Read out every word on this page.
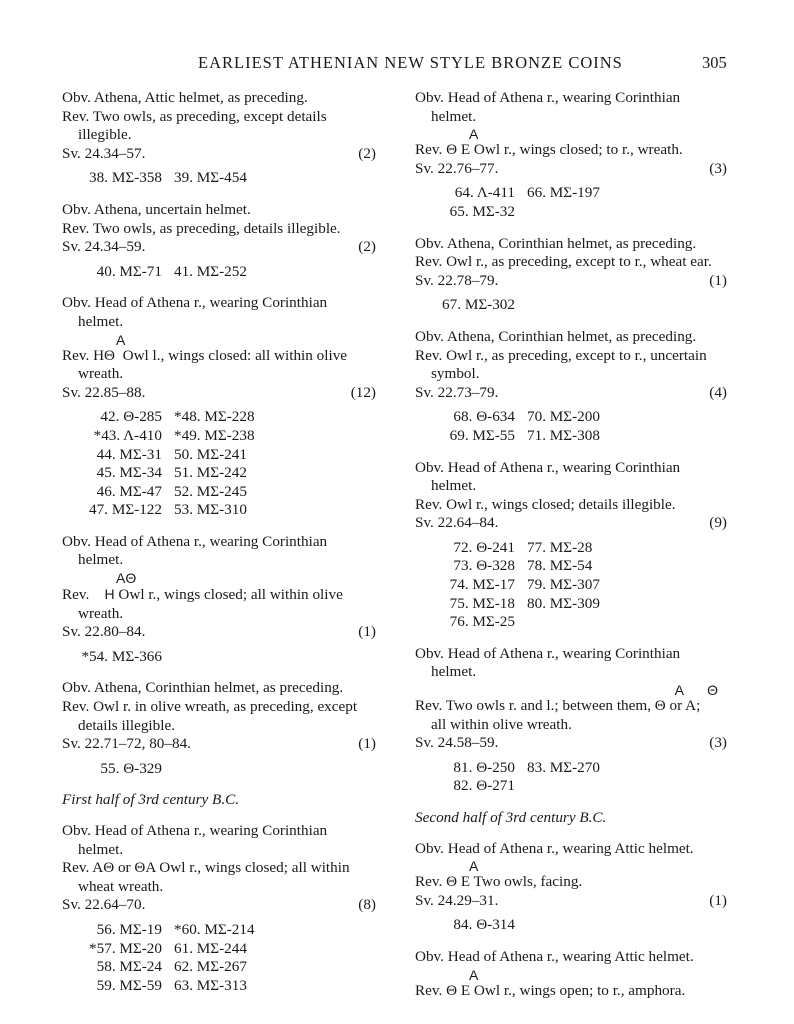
EARLIEST ATHENIAN NEW STYLE BRONZE COINS	305

Obv. Athena, Attic helmet, as preceding.

Rev. Two owls, as preceding, except details

illegible.

Sv. 24.34–57.	(2)
38. MΣ-358 39. MΣ-454

Obv. Athena, uncertain helmet.

Rev. Two owls, as preceding, details illegible.

Sv. 24.34–59.	(2)
40. MΣ-71 41. MΣ-252

Obv. Head of Athena r., wearing Corinthian

helmet.

A

Rev. HΘ Owl l., wings closed: all within olive

wreath.

Sv. 22.85–88.	(12)
42. Θ-285 *48. MΣ-228
*43. Λ-410 *49. MΣ-238
44. MΣ-31 50. MΣ-241
45. MΣ-34 51. MΣ-242
46. MΣ-47 52. MΣ-245
47. MΣ-122 53. MΣ-310

Obv. Head of Athena r., wearing Corinthian

helmet.

AΘ

Rev. H Owl r., wings closed; all within olive

wreath.

Sv. 22.80–84.	(1)
*54. MΣ-366

Obv. Athena, Corinthian helmet, as preceding.

Rev. Owl r. in olive wreath, as preceding, except

details illegible.

Sv. 22.71–72, 80–84.	(1)
55. Θ-329

First half of 3rd century B.C.

Obv. Head of Athena r., wearing Corinthian

helmet.

Rev. AΘ or ΘA Owl r., wings closed; all within

wheat wreath.

Sv. 22.64–70.	(8)
56. MΣ-19 *60. MΣ-214
*57. MΣ-20 61. MΣ-244
58. MΣ-24 62. MΣ-267
59. MΣ-59 63. MΣ-313

Obv. Head of Athena r., wearing Corinthian

helmet.

A

Rev. Θ E Owl r., wings closed; to r., wreath.

Sv. 22.76–77.	(3)
64. Λ-411 66. MΣ-197
65. MΣ-32

Obv. Athena, Corinthian helmet, as preceding.

Rev. Owl r., as preceding, except to r., wheat ear.

Sv. 22.78–79.	(1)
67. MΣ-302

Obv. Athena, Corinthian helmet, as preceding.

Rev. Owl r., as preceding, except to r., uncertain

symbol.

Sv. 22.73–79.	(4)
68. Θ-634 70. MΣ-200
69. MΣ-55 71. MΣ-308

Obv. Head of Athena r., wearing Corinthian

helmet.

Rev. Owl r., wings closed; details illegible.

Sv. 22.64–84.	(9)
72. Θ-241 77. MΣ-28
73. Θ-328 78. MΣ-54
74. MΣ-17 79. MΣ-307
75. MΣ-18 80. MΣ-309
76. MΣ-25

Obv. Head of Athena r., wearing Corinthian

helmet.

A Θ

Rev. Two owls r. and l.; between them, Θ or A;

all within olive wreath.

Sv. 24.58–59.	(3)
81. Θ-250 83. MΣ-270
82. Θ-271

Second half of 3rd century B.C.

Obv. Head of Athena r., wearing Attic helmet.

A

Rev. Θ E Two owls, facing.

Sv. 24.29–31.	(1)
84. Θ-314

Obv. Head of Athena r., wearing Attic helmet.

A

Rev. Θ E Owl r., wings open; to r., amphora.
